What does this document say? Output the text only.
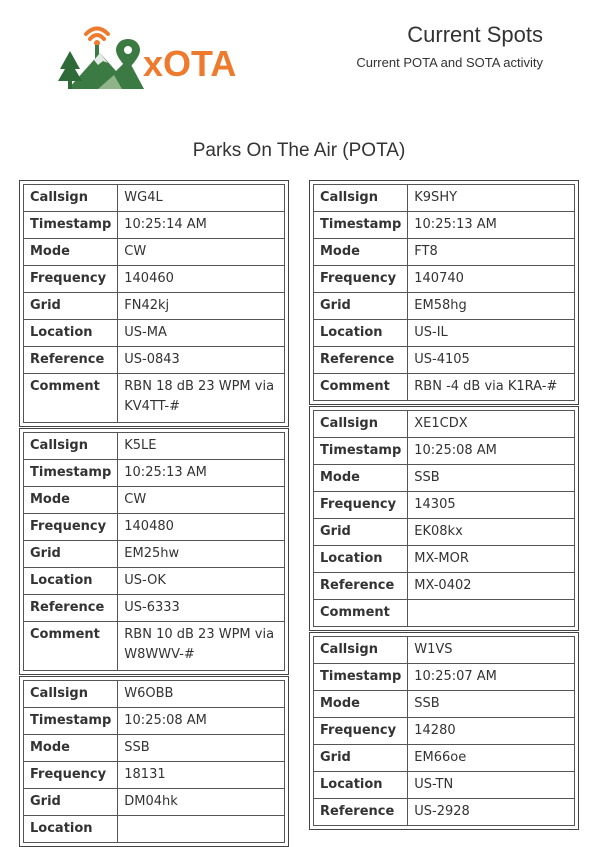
xOTA
Current Spots
Current POTA and SOTA activity
Parks On The Air (POTA)
Callsign	WG4L
Timestamp	10:25:14 AM
Mode	CW
Frequency	140460
Grid	FN42kj
Location	US-MA
Reference	US-0843
Comment	RBN 18 dB 23 WPM via KV4TT-#
Callsign	K5LE
Timestamp	10:25:13 AM
Mode	CW
Frequency	140480
Grid	EM25hw
Location	US-OK
Reference	US-6333
Comment	RBN 10 dB 23 WPM via W8WWV-#
Callsign	W6OBB
Timestamp	10:25:08 AM
Mode	SSB
Frequency	18131
Grid	DM04hk
Location	
Callsign	K9SHY
Timestamp	10:25:13 AM
Mode	FT8
Frequency	140740
Grid	EM58hg
Location	US-IL
Reference	US-4105
Comment	RBN -4 dB via K1RA-#
Callsign	XE1CDX
Timestamp	10:25:08 AM
Mode	SSB
Frequency	14305
Grid	EK08kx
Location	MX-MOR
Reference	MX-0402
Comment	
Callsign	W1VS
Timestamp	10:25:07 AM
Mode	SSB
Frequency	14280
Grid	EM66oe
Location	US-TN
Reference	US-2928
